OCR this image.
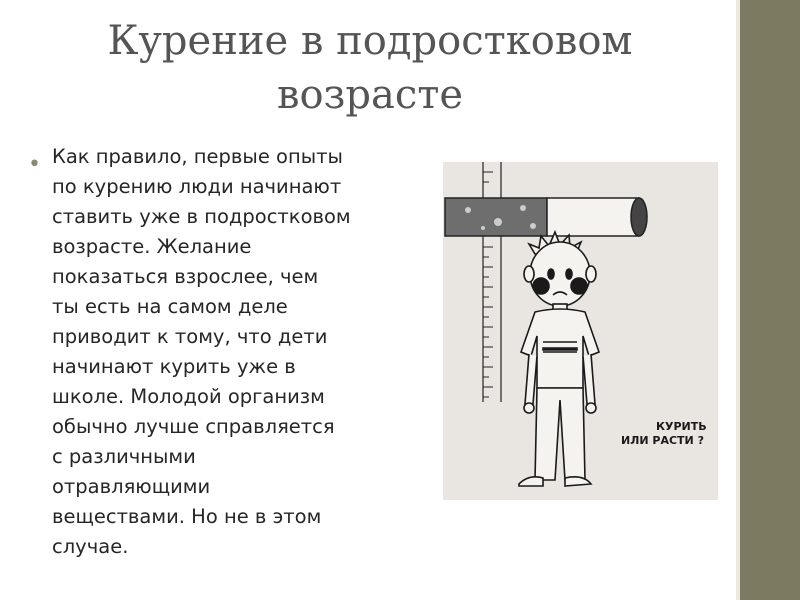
Курение в подростковом
возрасте
• Как правило, первые опыты
по курению люди начинают
ставить уже в подростковом
возрасте. Желание
показаться взрослее, чем
ты есть на самом деле
приводит к тому, что дети
начинают курить уже в
школе. Молодой организм
обычно лучше справляется
с различными
отравляющими
веществами. Но не в этом
случае.
КУРИТЬ
ИЛИ РАСТИ ?
